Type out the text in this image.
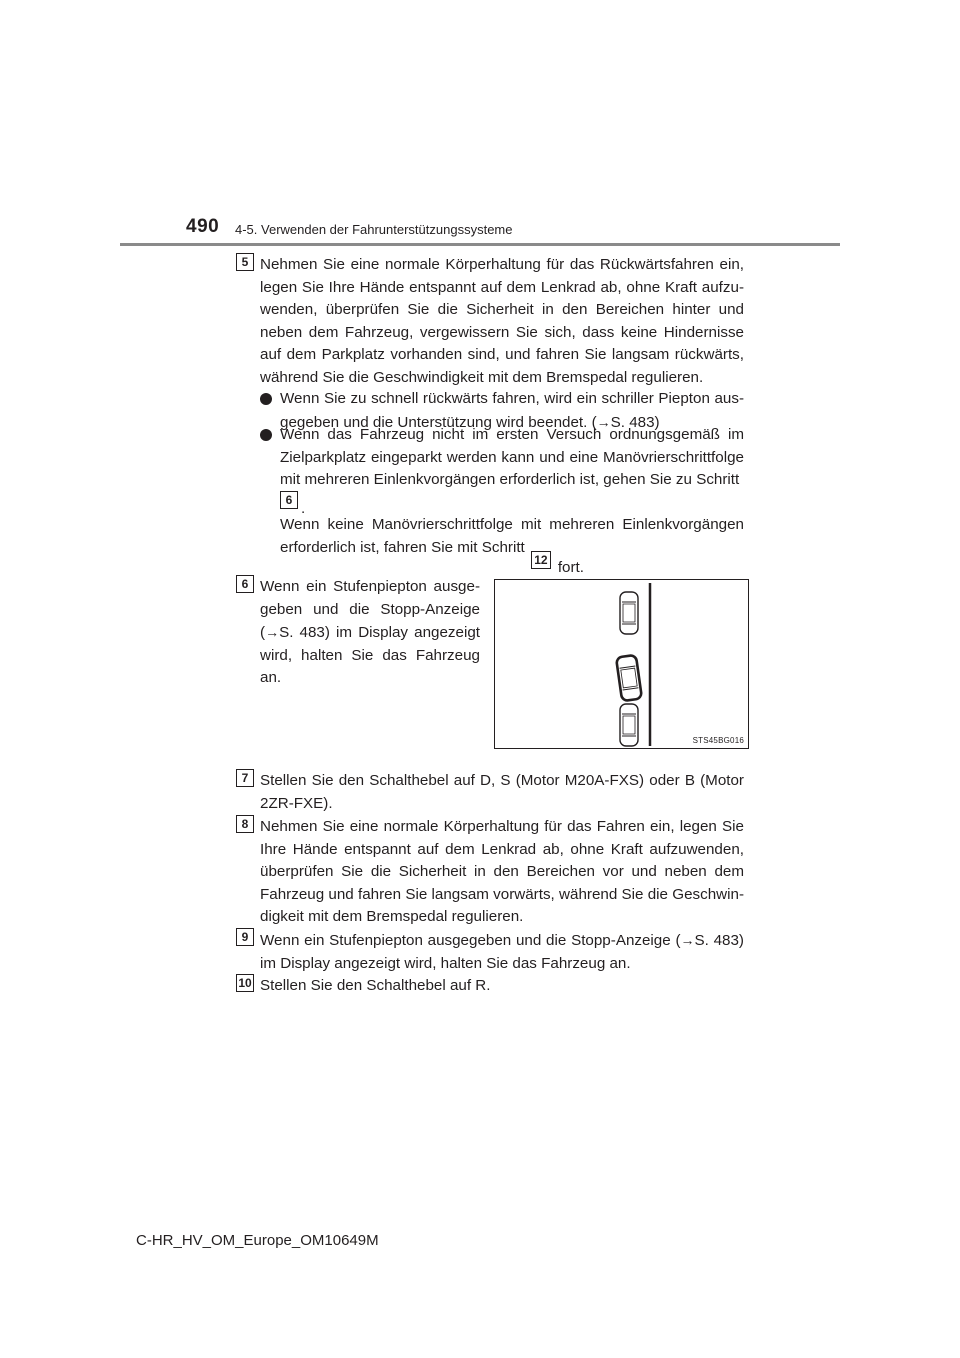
490 4-5. Verwenden der Fahrunterstützungssysteme
5 Nehmen Sie eine normale Körperhaltung für das Rückwärtsfahren ein, legen Sie Ihre Hände entspannt auf dem Lenkrad ab, ohne Kraft aufzu- wenden, überprüfen Sie die Sicherheit in den Bereichen hinter und neben dem Fahrzeug, vergewissern Sie sich, dass keine Hindernisse auf dem Parkplatz vorhanden sind, und fahren Sie langsam rückwärts, während Sie die Geschwindigkeit mit dem Bremspedal regulieren.

Wenn Sie zu schnell rückwärts fahren, wird ein schriller Piepton aus- gegeben und die Unterstützung wird beendet. (→S. 483)
Wenn das Fahrzeug nicht im ersten Versuch ordnungsgemäß im Zielparkplatz eingeparkt werden kann und eine Manövrierschrittfolge mit mehreren Einlenkvorgängen erforderlich ist, gehen Sie zu Schritt
6 .
Wenn keine Manövrierschrittfolge mit mehreren Einlenkvorgängen erforderlich ist, fahren Sie mit Schritt
12 fort.
6 Wenn ein Stufenpiepton ausge- geben und die Stopp-Anzeige (→S. 483) im Display angezeigt wird, halten Sie das Fahrzeug an.

STS45BG016
7 Stellen Sie den Schalthebel auf D, S (Motor M20A-FXS) oder B (Motor 2ZR-FXE).

8 Nehmen Sie eine normale Körperhaltung für das Fahren ein, legen Sie Ihre Hände entspannt auf dem Lenkrad ab, ohne Kraft aufzuwenden, überprüfen Sie die Sicherheit in den Bereichen vor und neben dem Fahrzeug und fahren Sie langsam vorwärts, während Sie die Geschwin- digkeit mit dem Bremspedal regulieren.

9 Wenn ein Stufenpiepton ausgegeben und die Stopp-Anzeige (→S. 483) im Display angezeigt wird, halten Sie das Fahrzeug an.

10 Stellen Sie den Schalthebel auf R.

C-HR_HV_OM_Europe_OM10649M
